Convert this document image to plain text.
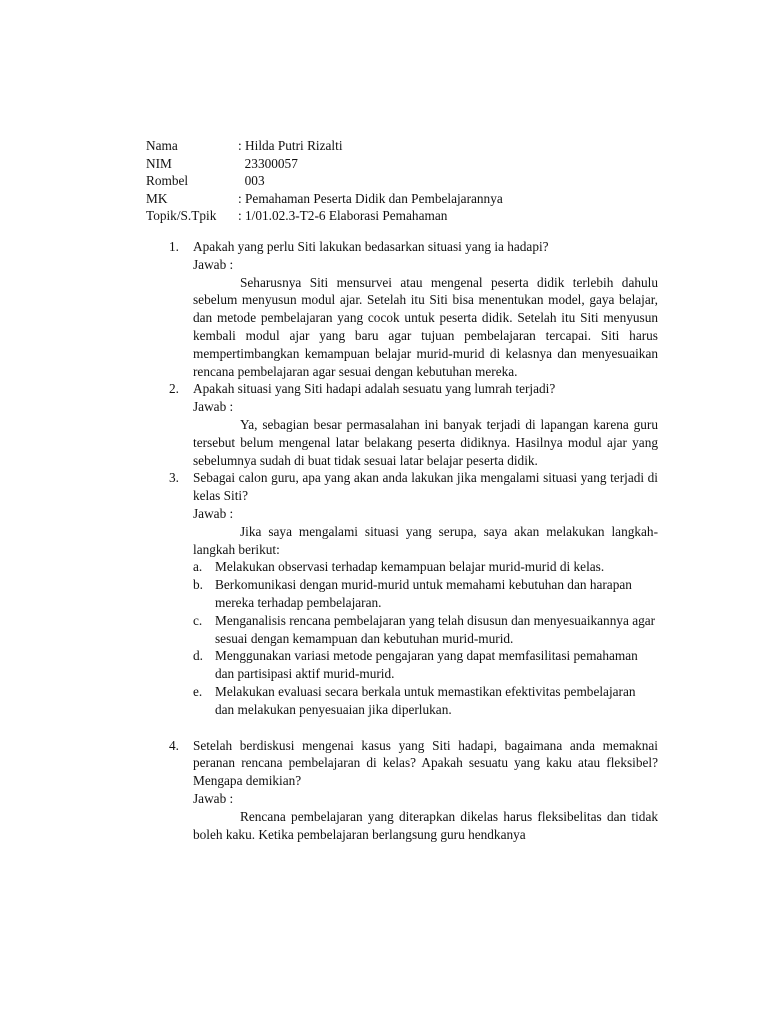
Nama	: Hilda Putri Rizalti
NIM	23300057
Rombel	003
MK	: Pemahaman Peserta Didik dan Pembelajarannya
Topik/S.Tpik	: 1/01.02.3-T2-6 Elaborasi Pemahaman
1.	Apakah yang perlu Siti lakukan bedasarkan situasi yang ia hadapi?
Jawab :
Seharusnya Siti mensurvei atau mengenal peserta didik terlebih dahulu sebelum menyusun modul ajar. Setelah itu Siti bisa menentukan model, gaya belajar, dan metode pembelajaran yang cocok untuk peserta didik. Setelah itu Siti menyusun kembali modul ajar yang baru agar tujuan pembelajaran tercapai. Siti harus mempertimbangkan kemampuan belajar murid-murid di kelasnya dan menyesuaikan rencana pembelajaran agar sesuai dengan kebutuhan mereka.
2.	Apakah situasi yang Siti hadapi adalah sesuatu yang lumrah terjadi?
Jawab :
Ya, sebagian besar permasalahan ini banyak terjadi di lapangan karena guru tersebut belum mengenal latar belakang peserta didiknya. Hasilnya modul ajar yang sebelumnya sudah di buat tidak sesuai latar belajar peserta didik.
3.	Sebagai calon guru, apa yang akan anda lakukan jika mengalami situasi yang terjadi di kelas Siti?
Jawab :
Jika saya mengalami situasi yang serupa, saya akan melakukan langkah-langkah berikut:
a. Melakukan observasi terhadap kemampuan belajar murid-murid di kelas.
b. Berkomunikasi dengan murid-murid untuk memahami kebutuhan dan harapan mereka terhadap pembelajaran.
c. Menganalisis rencana pembelajaran yang telah disusun dan menyesuaikannya agar sesuai dengan kemampuan dan kebutuhan murid-murid.
d. Menggunakan variasi metode pengajaran yang dapat memfasilitasi pemahaman dan partisipasi aktif murid-murid.
e. Melakukan evaluasi secara berkala untuk memastikan efektivitas pembelajaran dan melakukan penyesuaian jika diperlukan.
4.	Setelah berdiskusi mengenai kasus yang Siti hadapi, bagaimana anda memaknai peranan rencana pembelajaran di kelas? Apakah sesuatu yang kaku atau fleksibel? Mengapa demikian?
Jawab :
Rencana pembelajaran yang diterapkan dikelas harus fleksibelitas dan tidak boleh kaku. Ketika pembelajaran berlangsung guru hendkanya
